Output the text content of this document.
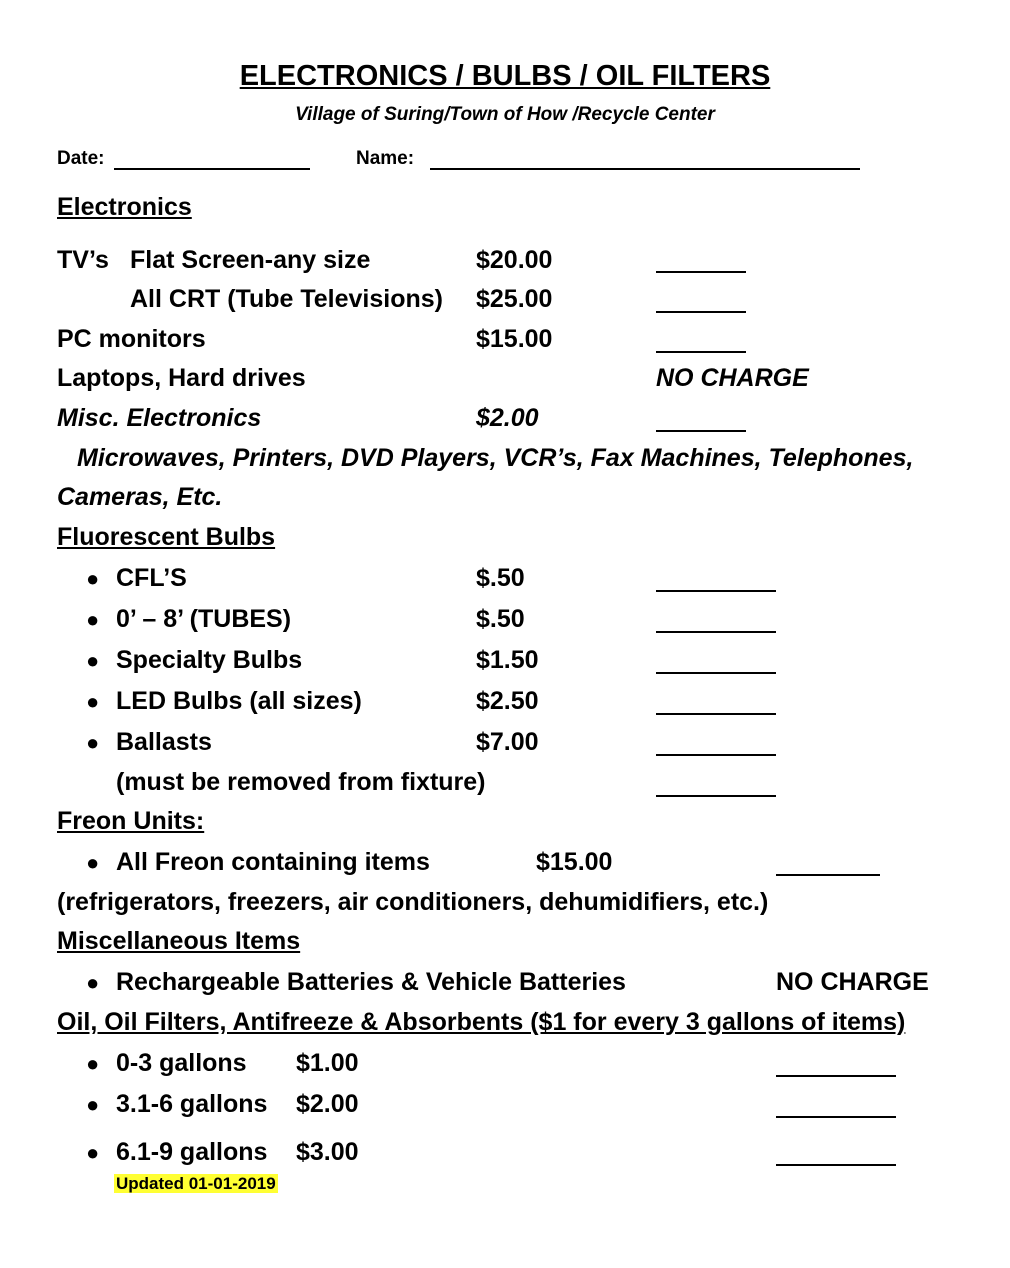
ELECTRONICS / BULBS / OIL FILTERS
Village of Suring/Town of How /Recycle Center
Date:	Name:
Electronics
TV’s Flat Screen-any size	$20.00
All CRT (Tube Televisions) $25.00
PC monitors	$15.00
Laptops, Hard drives	NO CHARGE
Misc. Electronics	$2.00
Microwaves, Printers, DVD Players, VCR’s, Fax Machines, Telephones,
Cameras, Etc.
Fluorescent Bulbs
● CFL’S	$.50
● 0’ – 8’ (TUBES)	$.50
● Specialty Bulbs	$1.50
● LED Bulbs (all sizes)	$2.50
● Ballasts	$7.00
(must be removed from fixture)
Freon Units:
● All Freon containing items	$15.00
(refrigerators, freezers, air conditioners, dehumidifiers, etc.)
Miscellaneous Items
● Rechargeable Batteries & Vehicle Batteries	NO CHARGE
Oil, Oil Filters, Antifreeze & Absorbents ($1 for every 3 gallons of items)
● 0-3 gallons $1.00
● 3.1-6 gallons $2.00
● 6.1-9 gallons $3.00
Updated 01-01-2019
